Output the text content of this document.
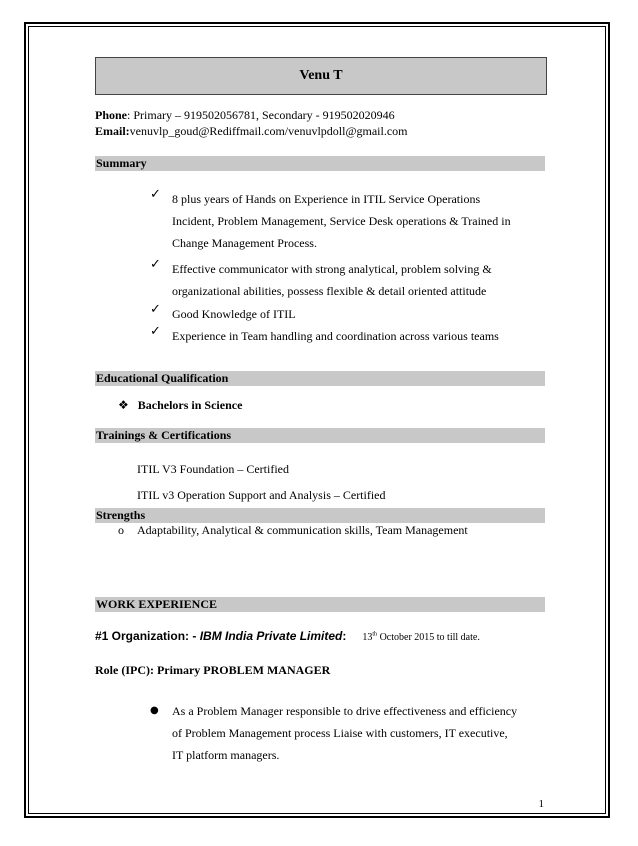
Venu T
Phone: Primary – 919502056781, Secondary - 919502020946
Email:venuvlp_goud@Rediffmail.com/venuvlpdoll@gmail.com
Summary
✓ 8 plus years of Hands on Experience in ITIL Service Operations
Incident, Problem Management, Service Desk operations & Trained in
Change Management Process.
✓ Effective communicator with strong analytical, problem solving &
organizational abilities, possess flexible & detail oriented attitude
✓ Good Knowledge of ITIL
✓ Experience in Team handling and coordination across various teams
Educational Qualification
❖ Bachelors in Science
Trainings & Certifications
ITIL V3 Foundation – Certified
ITIL v3 Operation Support and Analysis – Certified
Strengths
o Adaptability, Analytical & communication skills, Team Management
WORK EXPERIENCE
#1 Organization: - IBM India Private Limited: 13th October 2015 to till date.
Role (IPC): Primary PROBLEM MANAGER
● As a Problem Manager responsible to drive effectiveness and efficiency
of Problem Management process Liaise with customers, IT executive,
IT platform managers.
1
